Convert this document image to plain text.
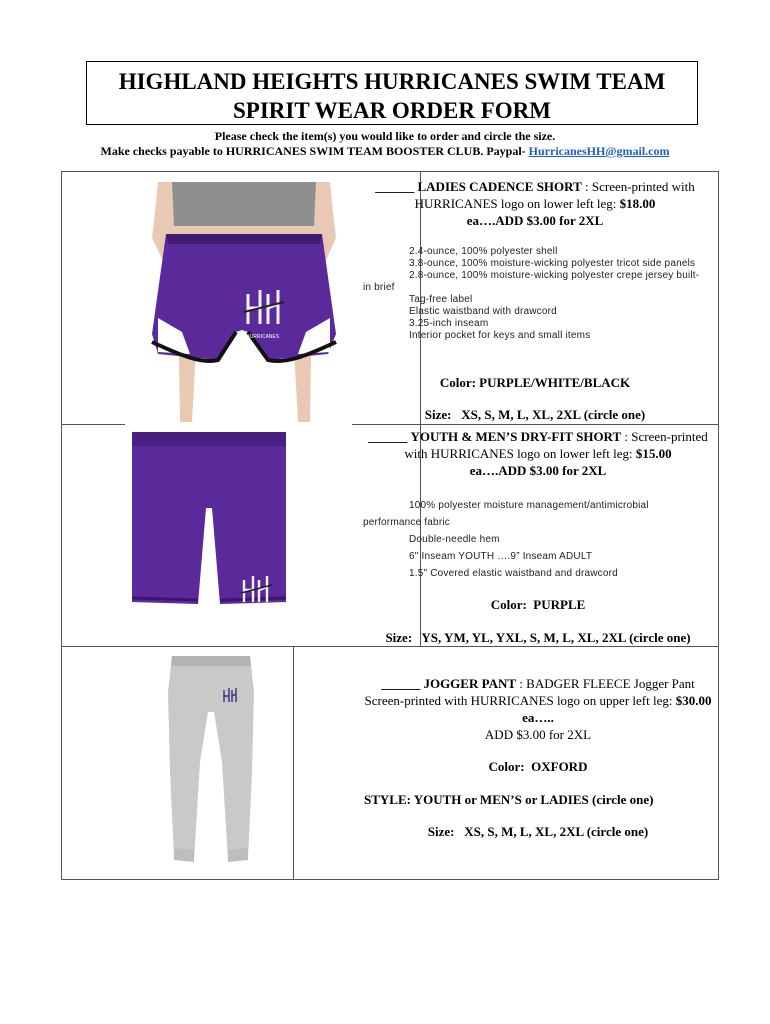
HIGHLAND HEIGHTS HURRICANES SWIM TEAM
SPIRIT WEAR ORDER FORM
Please check the item(s) you would like to order and circle the size.
Make checks payable to HURRICANES SWIM TEAM BOOSTER CLUB. Paypal- HurricanesHH@gmail.com
HURRICANES
______ LADIES CADENCE SHORT : Screen-printed with HURRICANES logo on lower left leg: $18.00
ea….ADD $3.00 for 2XL
2.4-ounce, 100% polyester shell
3.8-ounce, 100% moisture-wicking polyester tricot side panels
2.8-ounce, 100% moisture-wicking polyester crepe jersey built-in brief
Tag-free label
Elastic waistband with drawcord
3.25-inch inseam
Interior pocket for keys and small items
Color: PURPLE/WHITE/BLACK
Size:   XS, S, M, L, XL, 2XL (circle one)
______ YOUTH & MEN’S DRY-FIT SHORT : Screen-printed with HURRICANES logo on lower left leg: $15.00
ea….ADD $3.00 for 2XL
100% polyester moisture management/antimicrobial performance fabric
Double-needle hem
6" Inseam YOUTH ….9” Inseam ADULT
1.5" Covered elastic waistband and drawcord
Color:  PURPLE
Size:   YS, YM, YL, YXL, S, M, L, XL, 2XL (circle one)
______ JOGGER PANT : BADGER FLEECE Jogger Pant Screen-printed with HURRICANES logo on upper left leg: $30.00 ea…..
ADD $3.00 for 2XL
Color:  OXFORD
STYLE: YOUTH or MEN’S or LADIES (circle one)
Size:   XS, S, M, L, XL, 2XL (circle one)
